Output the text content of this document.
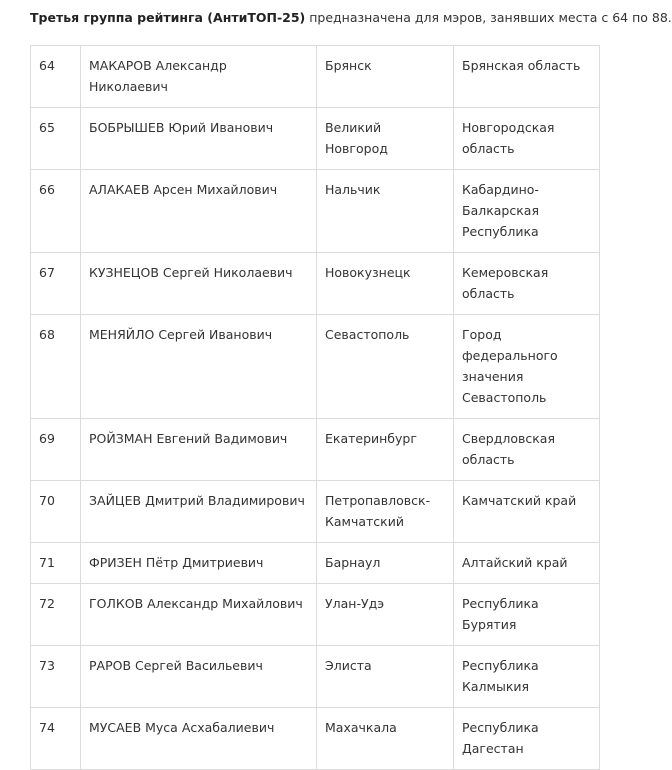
Третья группа рейтинга (АнтиТОП-25) предназначена для мэров, занявших места с 64 по 88.
64	МАКАРОВ Александр Николаевич	Брянск	Брянская область
65	БОБРЫШЕВ Юрий Иванович	Великий Новгород	Новгородская область
66	АЛАКАЕВ Арсен Михайлович	Нальчик	Кабардино-Балкарская Республика
67	КУЗНЕЦОВ Сергей Николаевич	Новокузнецк	Кемеровская область
68	МЕНЯЙЛО Сергей Иванович	Севастополь	Город федерального значения Севастополь
69	РОЙЗМАН Евгений Вадимович	Екатеринбург	Свердловская область
70	ЗАЙЦЕВ Дмитрий Владимирович	Петропавловск-Камчатский	Камчатский край
71	ФРИЗЕН Пётр Дмитриевич	Барнаул	Алтайский край
72	ГОЛКОВ Александр Михайлович	Улан-Удэ	Республика Бурятия
73	РАРОВ Сергей Васильевич	Элиста	Республика Калмыкия
74	МУСАЕВ Муса Асхабалиевич	Махачкала	Республика Дагестан
